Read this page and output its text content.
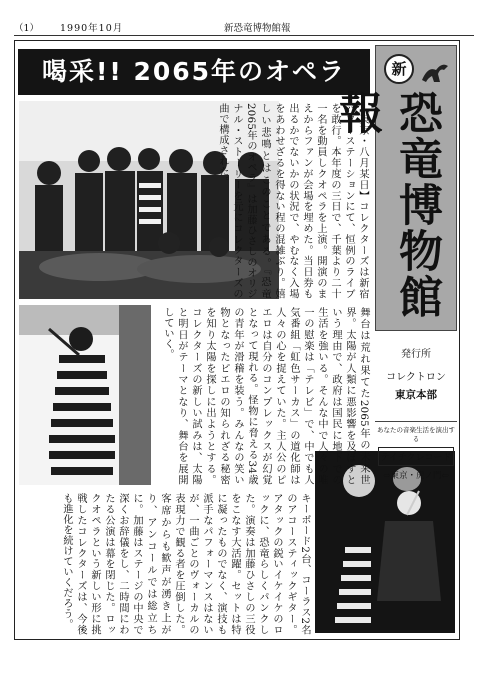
（1） 1990年10月	新恐竜博物館報
喝采!! 2065年のオペラ
【東京・八月某日】コレクターズは新宿パワーステーションにて、恒例のライブを敢行。本年度の三日で、千葉より二十一名を動員しクオペラを上演。開演のまえからファンが会場を埋めた。当日券も出るかでないかの状況で、やむなく入場をあわせざるを得ない程の混雑ぶり。嬉しい悲鳴とはこのことである。『恐竜2065年のオペラ』は加藤ひさしのオリジナル・ストーリーを元にコレクターズの曲で構成された。
舞台は荒れ果てた2065年の未来世界。太陽が人類に悪影響を及ぼすという理由で、政府は国民に地下での生活を強いる。そんな中で人々の唯一の慰楽は「テレビ」で、中でも人気番組「虹色サーカス」の道化師は人々の心を捉えていた。主人公のピエロは自分のコンプレックスが幻覚となって現れる。怪物に脅える34歳の青年が滑稽を装う。みんなの笑い物となったピエロの知られざる秘密を知り太陽を探しに出ようとする。コレクターズの新しい試みは、太陽と明日がテーマとなり、舞台を展開していく。
キーボード2台、コーラス2名のアコースティックギター。アタックの鋭いイケイケのロックに、恐竜らしくパンクした。演奏は加藤ひさしの三役をこなす大活躍。セットは特に凝ったものでなく、演技も派手なパフォーマンスはないが、一曲ごとのヴォーカルの表現力で観る者を圧倒した。客席からも歓声が湧き上がり、アンコールでは総立ちに。加藤はステージの中央で深くお辞儀をし、二時間にわたる公演は幕を閉じた。ロックオペラという新しい形に挑戦したコレクターズは、今後も進化を続けていくだろう。
新
恐竜博物館報
発行所
コレクトロン
東京本部
あなたの音楽生活を演出する
テイチクレコード
⇨東京・虎ノ門⇦
